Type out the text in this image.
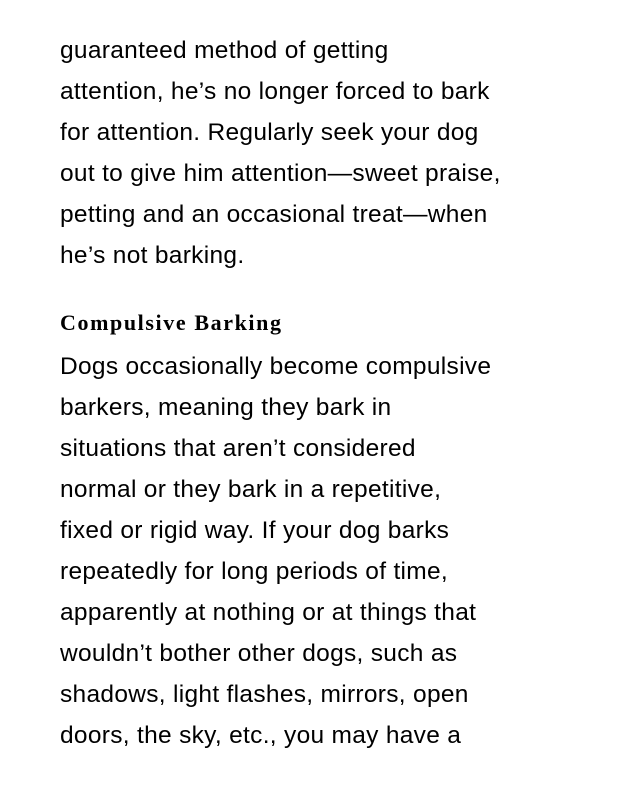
guaranteed method of getting
attention, he’s no longer forced to bark
for attention. Regularly seek your dog
out to give him attention—sweet praise,
petting and an occasional treat—when
he’s not barking.
Compulsive Barking
Dogs occasionally become compulsive
barkers, meaning they bark in
situations that aren’t considered
normal or they bark in a repetitive,
fixed or rigid way. If your dog barks
repeatedly for long periods of time,
apparently at nothing or at things that
wouldn’t bother other dogs, such as
shadows, light flashes, mirrors, open
doors, the sky, etc., you may have a
